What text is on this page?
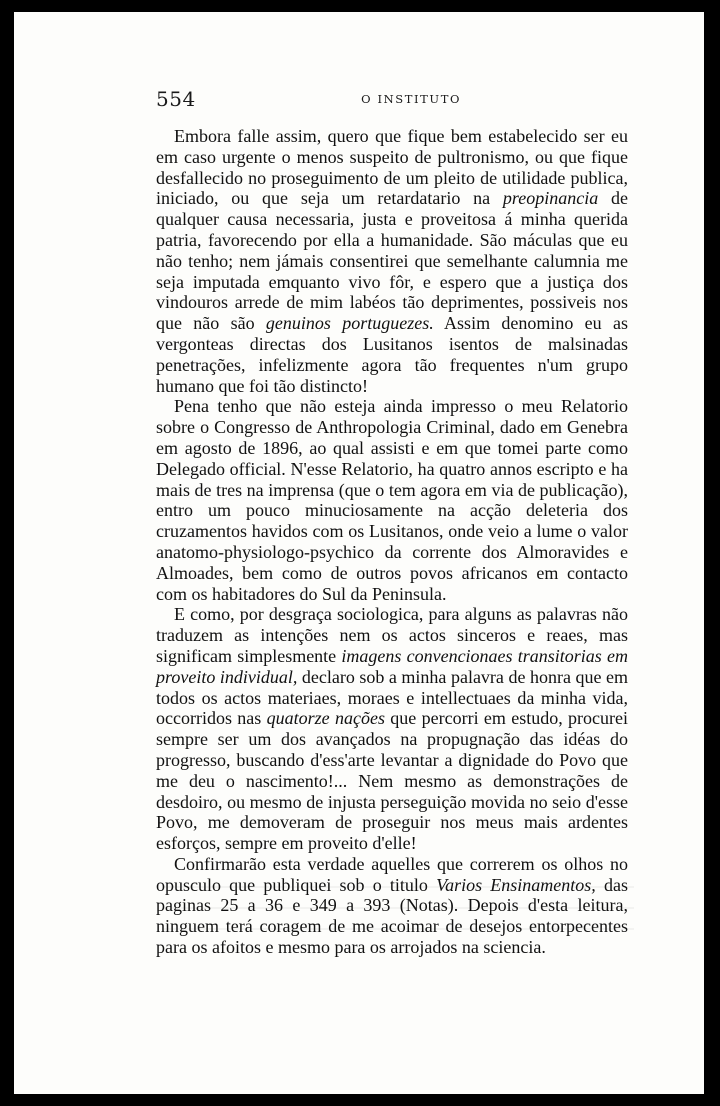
554	O INSTITUTO

Embora falle assim, quero que fique bem estabelecido ser eu em caso urgente o menos suspeito de pultronismo, ou que fique desfallecido no proseguimento de um pleito de utilidade publica, iniciado, ou que seja um retardatario na preopinancia de qualquer causa necessaria, justa e proveitosa á minha querida patria, favorecendo por ella a humanidade. São máculas que eu não tenho; nem jámais consentirei que semelhante calumnia me seja imputada emquanto vivo fôr, e espero que a justiça dos vindouros arrede de mim labéos tão deprimentes, possiveis nos que não são genuinos portuguezes. Assim denomino eu as vergonteas directas dos Lusitanos isentos de malsinadas penetrações, infelizmente agora tão frequentes n'um grupo humano que foi tão distincto!

Pena tenho que não esteja ainda impresso o meu Relatorio sobre o Congresso de Anthropologia Criminal, dado em Genebra em agosto de 1896, ao qual assisti e em que tomei parte como Delegado official. N'esse Relatorio, ha quatro annos escripto e ha mais de tres na imprensa (que o tem agora em via de publicação), entro um pouco minuciosamente na acção deleteria dos cruzamentos havidos com os Lusitanos, onde veio a lume o valor anatomo-physiologo-psychico da corrente dos Almoravides e Almoades, bem como de outros povos africanos em contacto com os habitadores do Sul da Peninsula.

E como, por desgraça sociologica, para alguns as palavras não traduzem as intenções nem os actos sinceros e reaes, mas significam simplesmente imagens convencionaes transitorias em proveito individual, declaro sob a minha palavra de honra que em todos os actos materiaes, moraes e intellectuaes da minha vida, occorridos nas quatorze nações que percorri em estudo, procurei sempre ser um dos avançados na propugnação das idéas do progresso, buscando d'ess'arte levantar a dignidade do Povo que me deu o nascimento!... Nem mesmo as demonstrações de desdoiro, ou mesmo de injusta perseguição movida no seio d'esse Povo, me demoveram de proseguir nos meus mais ardentes esforços, sempre em proveito d'elle!

Confirmarão esta verdade aquelles que correrem os olhos no opusculo que publiquei sob o titulo Varios Ensinamentos, das paginas 25 a 36 e 349 a 393 (Notas). Depois d'esta leitura, ninguem terá coragem de me acoimar de desejos entorpecentes para os afoitos e mesmo para os arrojados na sciencia.
